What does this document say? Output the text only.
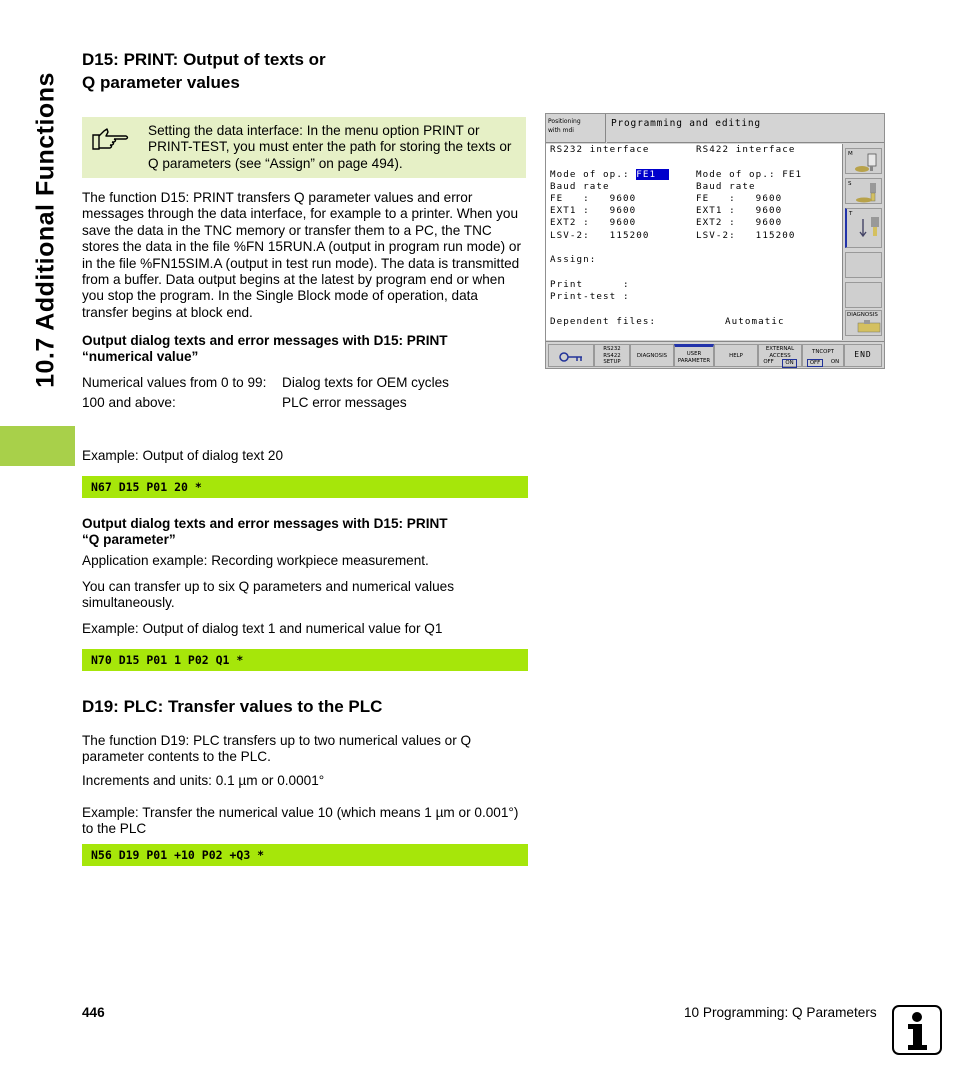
10.7 Additional Functions
D15: PRINT: Output of texts or
Q parameter values
Setting the data interface: In the menu option PRINT or PRINT-TEST, you must enter the path for storing the texts or Q parameters (see “Assign” on page 494).
The function D15: PRINT transfers Q parameter values and error messages through the data interface, for example to a printer. When you save the data in the TNC memory or transfer them to a PC, the TNC stores the data in the file %FN 15RUN.A (output in program run mode) or in the file %FN15SIM.A (output in test run mode). The data is transmitted from a buffer. Data output begins at the latest by program end or when you stop the program. In the Single Block mode of operation, data transfer begins at block end.
Output dialog texts and error messages with D15: PRINT
“numerical value”
Numerical values from 0 to 99: Dialog texts for OEM cycles
100 and above:	PLC error messages
Example: Output of dialog text 20
N67 D15 P01 20 *
Output dialog texts and error messages with D15: PRINT
“Q parameter”
Application example: Recording workpiece measurement.
You can transfer up to six Q parameters and numerical values simultaneously.
Example: Output of dialog text 1 and numerical value for Q1
N70 D15 P01 1 P02 Q1 *
D19: PLC: Transfer values to the PLC
The function D19: PLC transfers up to two numerical values or Q parameter contents to the PLC.
Increments and units: 0.1 µm or 0.0001°
Example: Transfer the numerical value 10 (which means 1 µm or 0.001°) to the PLC
N56 D19 P01 +10 P02 +Q3 *
Positioning
with mdi
Programming and editing
RS232 interface	RS422 interface
Mode of op.: FE1	Mode of op.: FE1
Baud rate	Baud rate
FE   :   9600	FE   :   9600
EXT1 :   9600	EXT1 :   9600
EXT2 :   9600	EXT2 :   9600
LSV-2:   115200	LSV-2:   115200
Assign:
Print      :
Print-test :
Dependent files:	Automatic
M
S
T
DIAGNOSIS
RS232
RS422
SETUP
DIAGNOSIS	USER
PARAMETER
HELP
EXTERNAL
ACCESS
OFF	ON
TNCOPT
OFF	ON
END
446	10 Programming: Q Parameters
